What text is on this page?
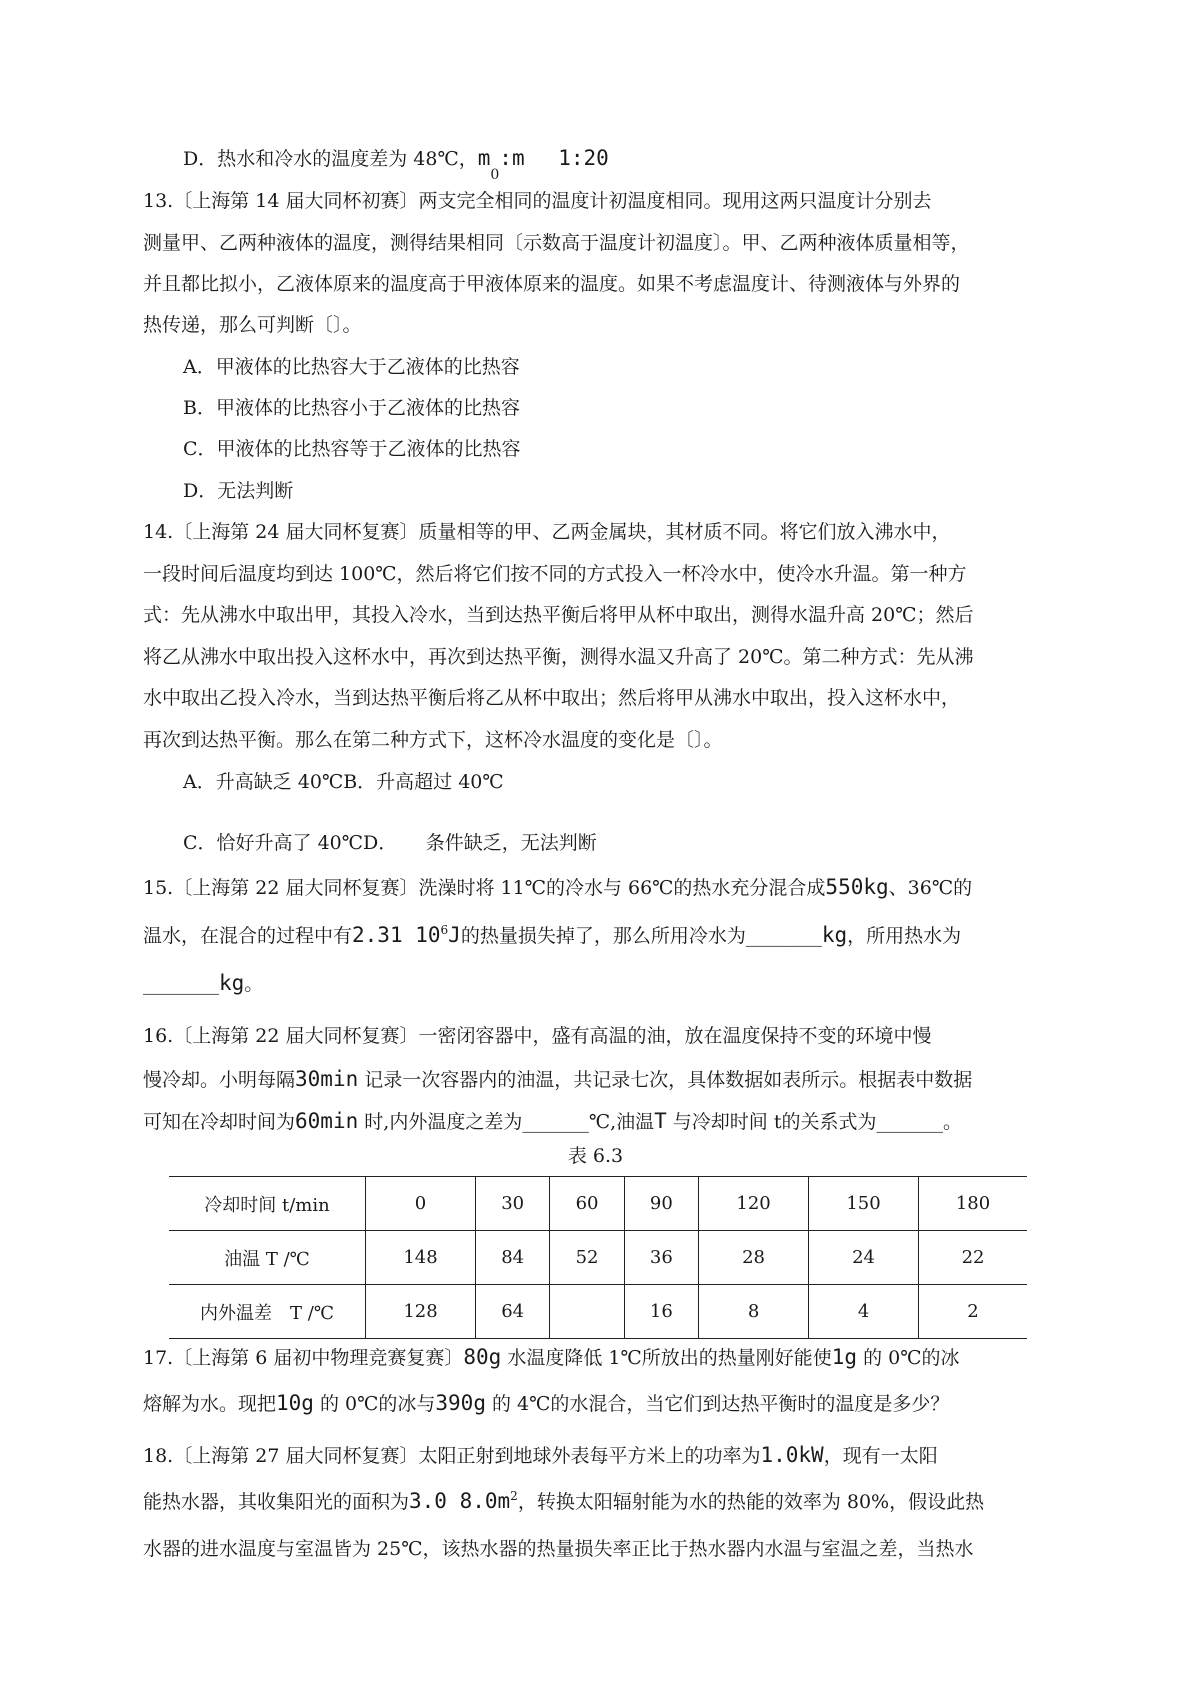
D．热水和冷水的温度差为 48℃，$m_0:m$　 1:20
13.〔上海第 14 届大同杯初赛〕两支完全相同的温度计初温度相同。现用这两只温度计分别去
测量甲、乙两种液体的温度，测得结果相同〔示数高于温度计初温度〕。甲、乙两种液体质量相等，
并且都比拟小，乙液体原来的温度高于甲液体原来的温度。如果不考虑温度计、待测液体与外界的
热传递，那么可判断〔〕。
A．甲液体的比热容大于乙液体的比热容
B．甲液体的比热容小于乙液体的比热容
C．甲液体的比热容等于乙液体的比热容
D．无法判断
14.〔上海第 24 届大同杯复赛〕质量相等的甲、乙两金属块，其材质不同。将它们放入沸水中，
一段时间后温度均到达 100℃，然后将它们按不同的方式投入一杯冷水中，使冷水升温。第一种方
式：先从沸水中取出甲，其投入冷水，当到达热平衡后将甲从杯中取出，测得水温升高 20℃；然后
将乙从沸水中取出投入这杯水中，再次到达热平衡，测得水温又升高了 20℃。第二种方式：先从沸
水中取出乙投入冷水，当到达热平衡后将乙从杯中取出；然后将甲从沸水中取出，投入这杯水中，
再次到达热平衡。那么在第二种方式下，这杯冷水温度的变化是〔〕。
A．升高缺乏 40℃B．升高超过 40℃
C．恰好升高了 40℃D．　　条件缺乏，无法判断
15.〔上海第 22 届大同杯复赛〕洗澡时将 11℃的冷水与 66℃的热水充分混合成550kg、36℃的
温水，在混合的过程中有2.31 $10^6J$的热量损失掉了，那么所用冷水为________kg，所用热水为
________kg。
16.〔上海第 22 届大同杯复赛〕一密闭容器中，盛有高温的油，放在温度保持不变的环境中慢
慢冷却。小明每隔30min 记录一次容器内的油温，共记录七次，具体数据如表所示。根据表中数据
可知在冷却时间为60min 时,内外温度之差为_______℃,油温T 与冷却时间 t的关系式为_______。
表 6.3
冷却时间 t/min	0	30	60	90	120	150	180
油温 T /℃	148	84	52	36	28	24	22
内外温差　T /℃	128	64		16	8	4	2
17.〔上海第 6 届初中物理竞赛复赛〕80g 水温度降低 1℃所放出的热量刚好能使1g 的 0℃的冰
熔解为水。现把10g 的 0℃的冰与390g 的 4℃的水混合，当它们到达热平衡时的温度是多少？
18.〔上海第 27 届大同杯复赛〕太阳正射到地球外表每平方米上的功率为1.0kW，现有一太阳
能热水器，其收集阳光的面积为3.0 $8.0m^2$，转换太阳辐射能为水的热能的效率为 80%，假设此热
水器的进水温度与室温皆为 25℃，该热水器的热量损失率正比于热水器内水温与室温之差，当热水
